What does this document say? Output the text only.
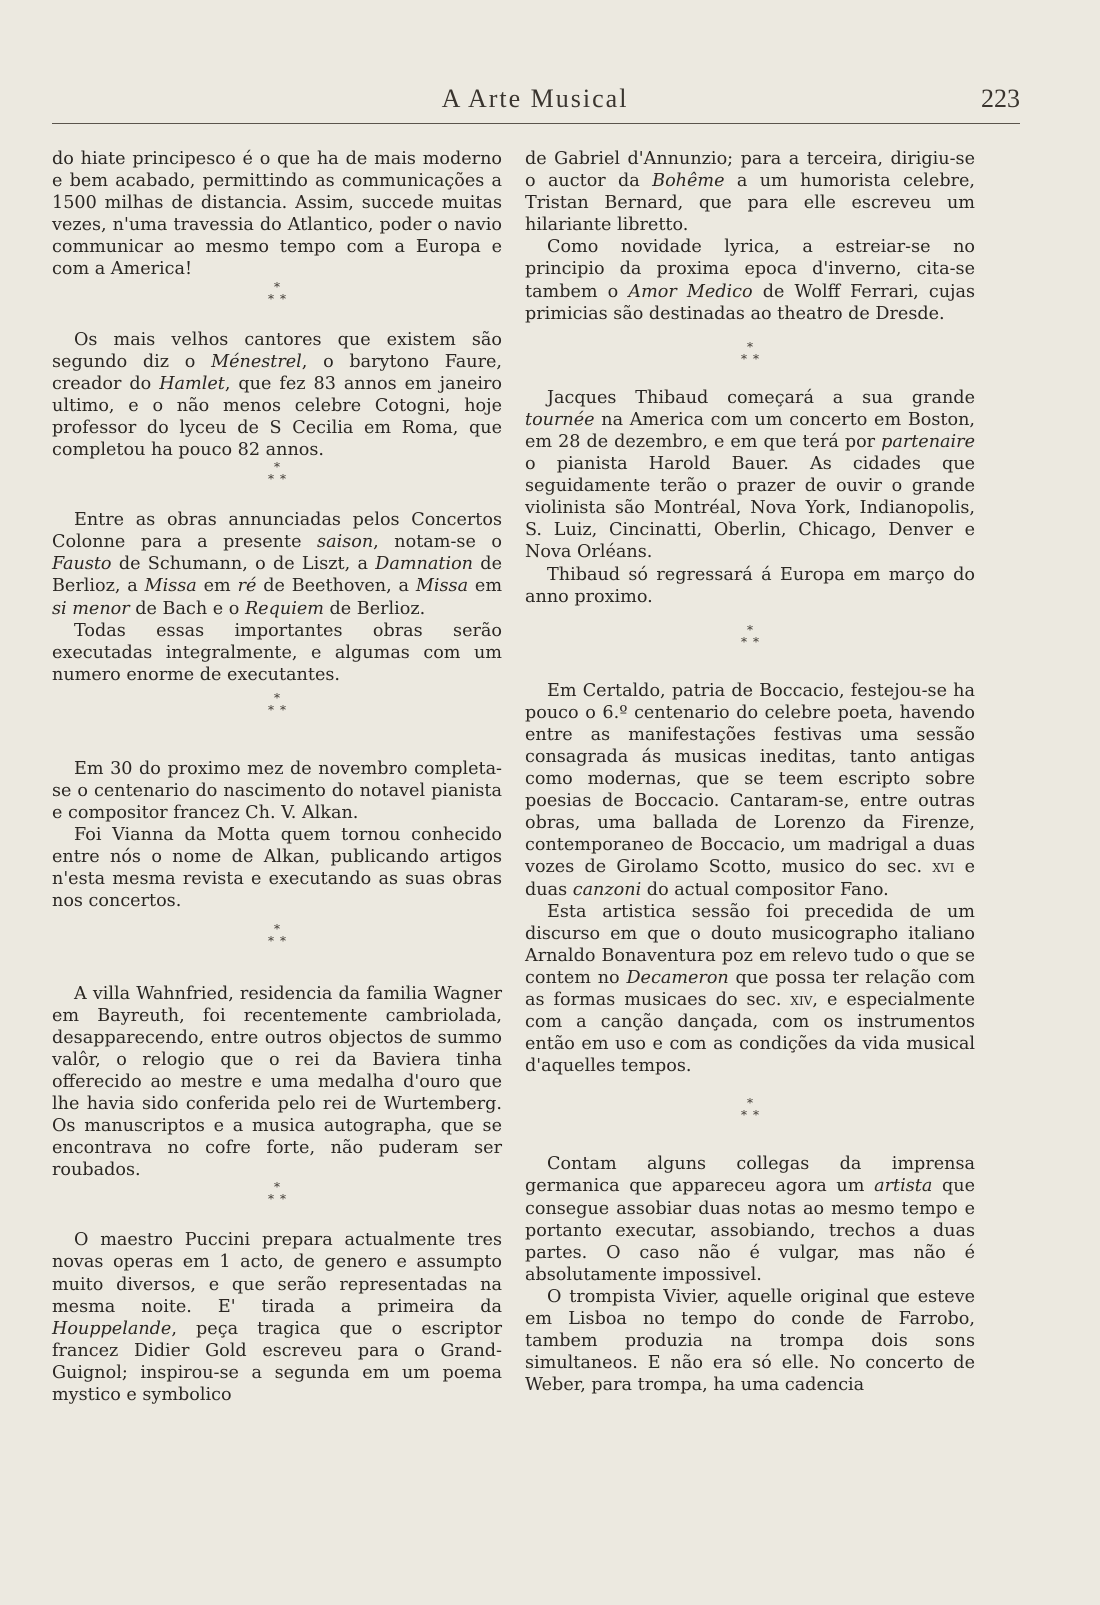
A Arte Musical	223

do hiate principesco é o que ha de mais moderno e bem acabado, permittindo as communicações a 1500 milhas de distancia. Assim, succede muitas vezes, n'uma travessia do Atlantico, poder o navio communicar ao mesmo tempo com a Europa e com a America!

*
**

Os mais velhos cantores que existem são segundo diz o Ménestrel, o barytono Faure, creador do Hamlet, que fez 83 annos em janeiro ultimo, e o não menos celebre Cotogni, hoje professor do lyceu de S Cecilia em Roma, que completou ha pouco 82 annos.

*
**

Entre as obras annunciadas pelos Concertos Colonne para a presente saison, notam-se o Fausto de Schumann, o de Liszt, a Damnation de Berlioz, a Missa em ré de Beethoven, a Missa em si menor de Bach e o Requiem de Berlioz.

Todas essas importantes obras serão executadas integralmente, e algumas com um numero enorme de executantes.

*
**

Em 30 do proximo mez de novembro completa-se o centenario do nascimento do notavel pianista e compositor francez Ch. V. Alkan.

Foi Vianna da Motta quem tornou conhecido entre nós o nome de Alkan, publicando artigos n'esta mesma revista e executando as suas obras nos concertos.

*
**

A villa Wahnfried, residencia da familia Wagner em Bayreuth, foi recentemente cambriolada, desapparecendo, entre outros objectos de summo valôr, o relogio que o rei da Baviera tinha offerecido ao mestre e uma medalha d'ouro que lhe havia sido conferida pelo rei de Wurtemberg. Os manuscriptos e a musica autographa, que se encontrava no cofre forte, não puderam ser roubados.

*
**

O maestro Puccini prepara actualmente tres novas operas em 1 acto, de genero e assumpto muito diversos, e que serão representadas na mesma noite. E' tirada a primeira da Houppelande, peça tragica que o escriptor francez Didier Gold escreveu para o Grand-Guignol; inspirou-se a segunda em um poema mystico e symbolico

de Gabriel d'Annunzio; para a terceira, dirigiu-se o auctor da Bohême a um humorista celebre, Tristan Bernard, que para elle escreveu um hilariante libretto.

Como novidade lyrica, a estreiar-se no principio da proxima epoca d'inverno, cita-se tambem o Amor Medico de Wolff Ferrari, cujas primicias são destinadas ao theatro de Dresde.

*
**

Jacques Thibaud começará a sua grande tournée na America com um concerto em Boston, em 28 de dezembro, e em que terá por partenaire o pianista Harold Bauer. As cidades que seguidamente terão o prazer de ouvir o grande violinista são Montréal, Nova York, Indianopolis, S. Luiz, Cincinatti, Oberlin, Chicago, Denver e Nova Orléans.

Thibaud só regressará á Europa em março do anno proximo.

*
**

Em Certaldo, patria de Boccacio, festejou-se ha pouco o 6.º centenario do celebre poeta, havendo entre as manifestações festivas uma sessão consagrada ás musicas ineditas, tanto antigas como modernas, que se teem escripto sobre poesias de Boccacio. Cantaram-se, entre outras obras, uma ballada de Lorenzo da Firenze, contemporaneo de Boccacio, um madrigal a duas vozes de Girolamo Scotto, musico do sec. xvi e duas canzoni do actual compositor Fano.

Esta artistica sessão foi precedida de um discurso em que o douto musicographo italiano Arnaldo Bonaventura poz em relevo tudo o que se contem no Decameron que possa ter relação com as formas musicaes do sec. xiv, e especialmente com a canção dançada, com os instrumentos então em uso e com as condições da vida musical d'aquelles tempos.

*
**

Contam alguns collegas da imprensa germanica que appareceu agora um artista que consegue assobiar duas notas ao mesmo tempo e portanto executar, assobiando, trechos a duas partes. O caso não é vulgar, mas não é absolutamente impossivel.

O trompista Vivier, aquelle original que esteve em Lisboa no tempo do conde de Farrobo, tambem produzia na trompa dois sons simultaneos. E não era só elle. No concerto de Weber, para trompa, ha uma cadencia
